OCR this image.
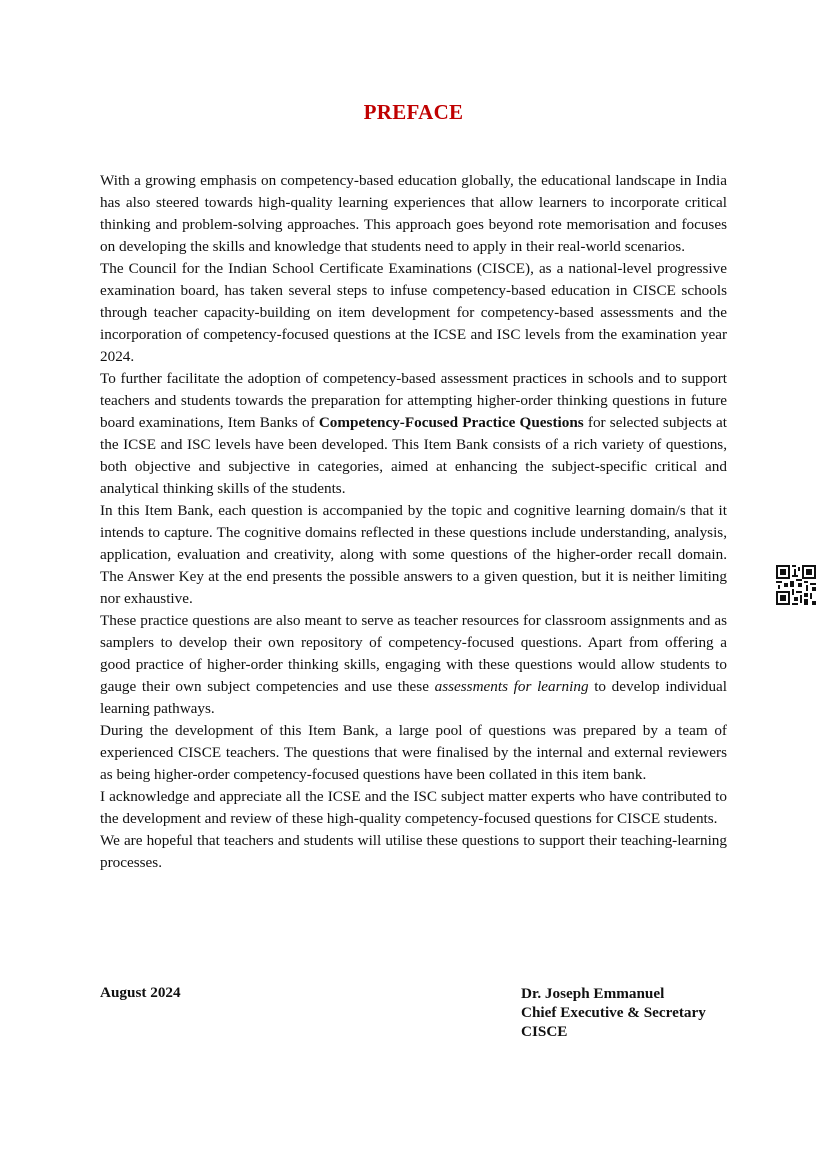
PREFACE

With a growing emphasis on competency-based education globally, the educational landscape in India has also steered towards high-quality learning experiences that allow learners to incorporate critical thinking and problem-solving approaches. This approach goes beyond rote memorisation and focuses on developing the skills and knowledge that students need to apply in their real-world scenarios.

The Council for the Indian School Certificate Examinations (CISCE), as a national-level progressive examination board, has taken several steps to infuse competency-based education in CISCE schools through teacher capacity-building on item development for competency-based assessments and the incorporation of competency-focused questions at the ICSE and ISC levels from the examination year 2024.

To further facilitate the adoption of competency-based assessment practices in schools and to support teachers and students towards the preparation for attempting higher-order thinking questions in future board examinations, Item Banks of Competency-Focused Practice Questions for selected subjects at the ICSE and ISC levels have been developed. This Item Bank consists of a rich variety of questions, both objective and subjective in categories, aimed at enhancing the subject-specific critical and analytical thinking skills of the students.

In this Item Bank, each question is accompanied by the topic and cognitive learning domain/s that it intends to capture. The cognitive domains reflected in these questions include understanding, analysis, application, evaluation and creativity, along with some questions of the higher-order recall domain. The Answer Key at the end presents the possible answers to a given question, but it is neither limiting nor exhaustive.

These practice questions are also meant to serve as teacher resources for classroom assignments and as samplers to develop their own repository of competency-focused questions. Apart from offering a good practice of higher-order thinking skills, engaging with these questions would allow students to gauge their own subject competencies and use these assessments for learning to develop individual learning pathways.

During the development of this Item Bank, a large pool of questions was prepared by a team of experienced CISCE teachers. The questions that were finalised by the internal and external reviewers as being higher-order competency-focused questions have been collated in this item bank.

I acknowledge and appreciate all the ICSE and the ISC subject matter experts who have contributed to the development and review of these high-quality competency-focused questions for CISCE students.

We are hopeful that teachers and students will utilise these questions to support their teaching-learning processes.

August 2024	Dr. Joseph Emmanuel
Chief Executive & Secretary
CISCE
